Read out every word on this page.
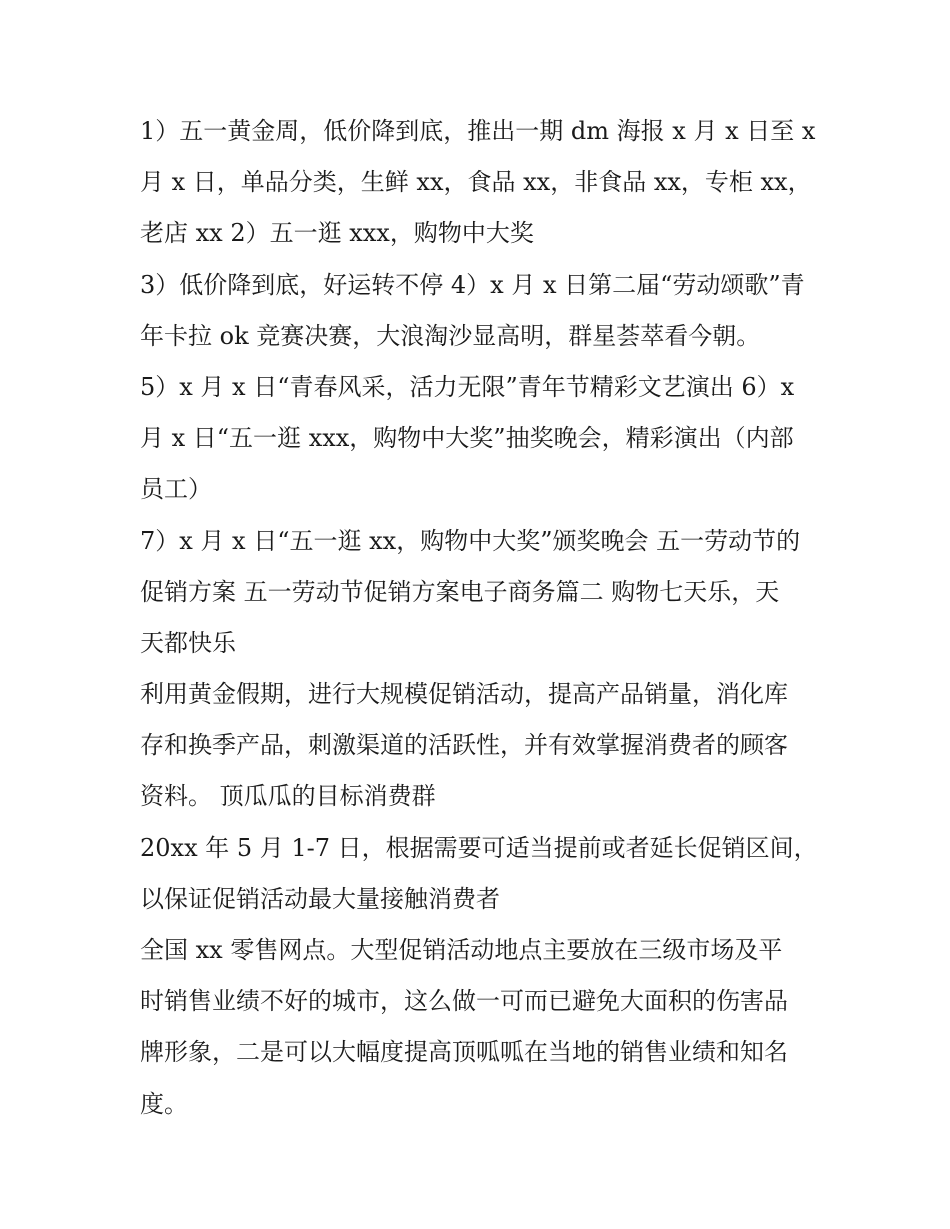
1）五一黄金周，低价降到底，推出一期 dm 海报 x 月 x 日至 x
月 x 日，单品分类，生鲜 xx，食品 xx，非食品 xx，专柜 xx，
老店 xx 2）五一逛 xxx，购物中大奖
3）低价降到底，好运转不停 4）x 月 x 日第二届“劳动颂歌”青
年卡拉 ok 竞赛决赛，大浪淘沙显高明，群星荟萃看今朝。
5）x 月 x 日“青春风采，活力无限”青年节精彩文艺演出 6）x
月 x 日“五一逛 xxx，购物中大奖”抽奖晚会，精彩演出（内部
员工）
7）x 月 x 日“五一逛 xx，购物中大奖”颁奖晚会 五一劳动节的
促销方案 五一劳动节促销方案电子商务篇二 购物七天乐，天
天都快乐
利用黄金假期，进行大规模促销活动，提高产品销量，消化库
存和换季产品，刺激渠道的活跃性，并有效掌握消费者的顾客
资料。 顶瓜瓜的目标消费群
20xx 年 5 月 1-7 日，根据需要可适当提前或者延长促销区间，
以保证促销活动最大量接触消费者
全国 xx 零售网点。大型促销活动地点主要放在三级市场及平
时销售业绩不好的城市，这么做一可而已避免大面积的伤害品
牌形象，二是可以大幅度提高顶呱呱在当地的销售业绩和知名
度。
